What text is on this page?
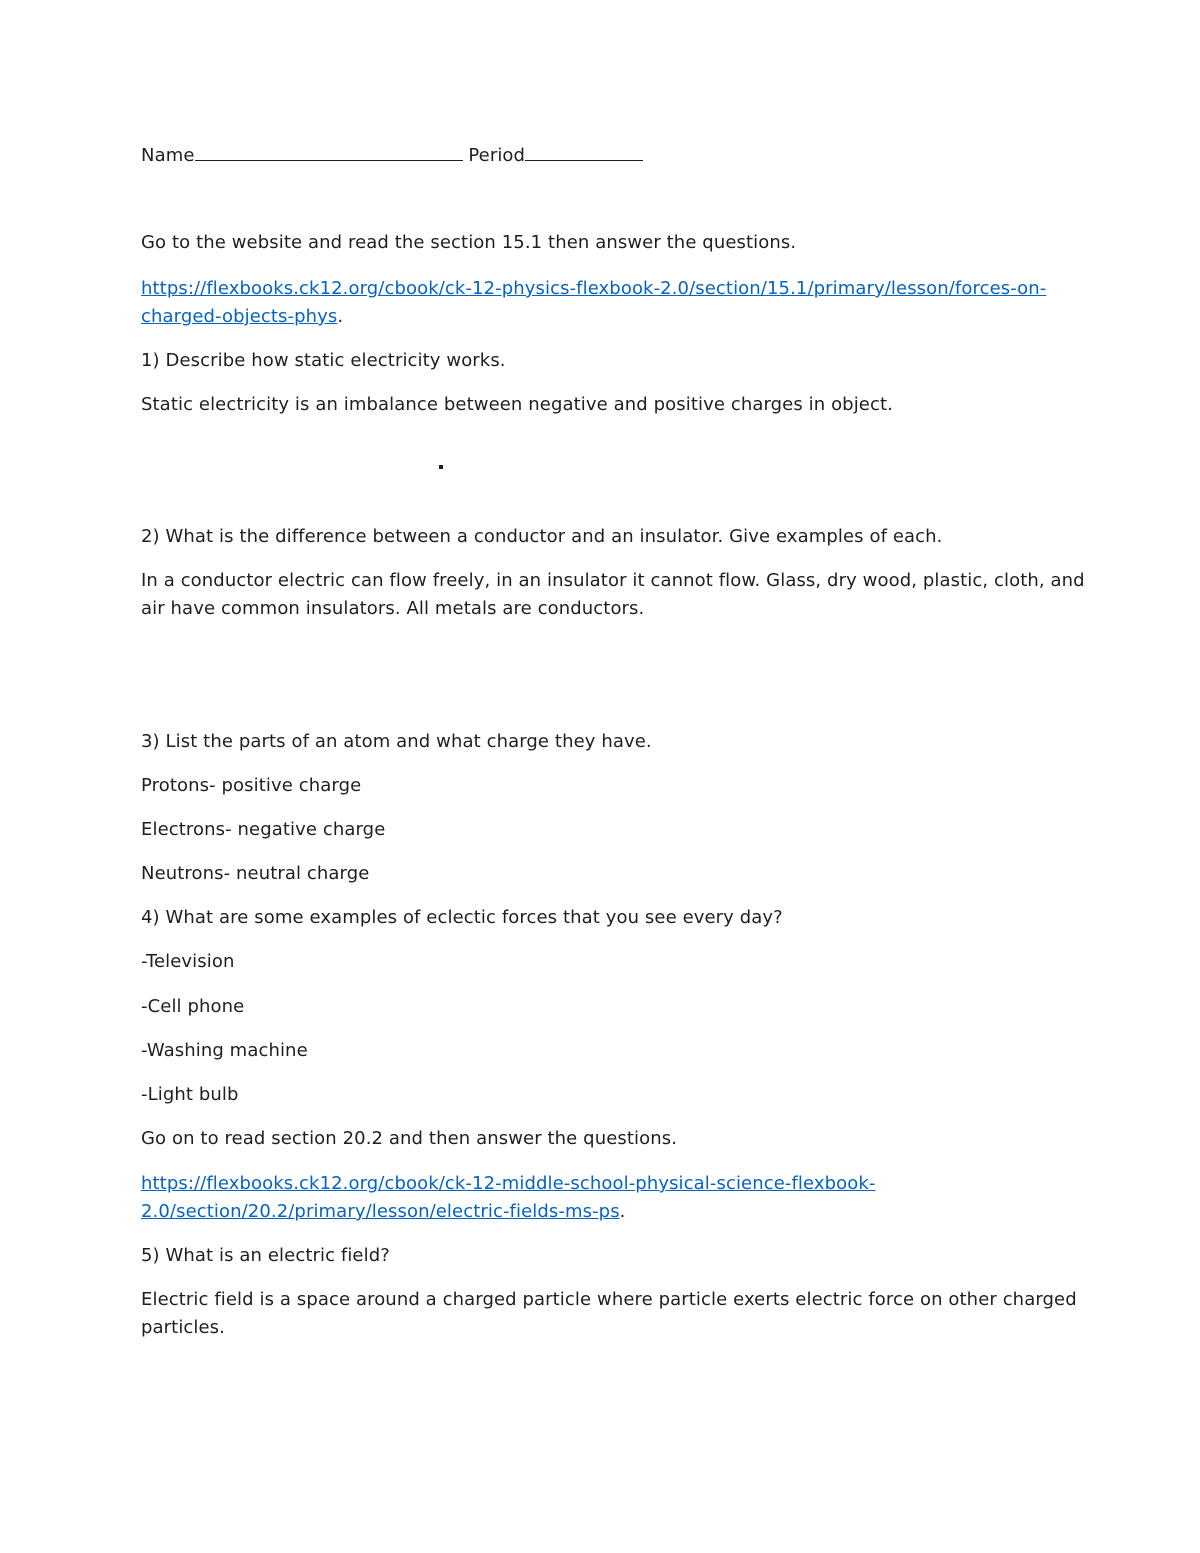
Name	Period
Go to the website and read the section 15.1 then answer the questions.
https://flexbooks.ck12.org/cbook/ck-12-physics-flexbook-2.0/section/15.1/primary/lesson/forces-on-
charged-objects-phys.
1) Describe how static electricity works.
Static electricity is an imbalance between negative and positive charges in object.
2) What is the difference between a conductor and an insulator. Give examples of each.
In a conductor electric can flow freely, in an insulator it cannot flow. Glass, dry wood, plastic, cloth, and
air have common insulators. All metals are conductors.
3) List the parts of an atom and what charge they have.
Protons- positive charge
Electrons- negative charge
Neutrons- neutral charge
4) What are some examples of eclectic forces that you see every day?
-Television
-Cell phone
-Washing machine
-Light bulb
Go on to read section 20.2 and then answer the questions.
https://flexbooks.ck12.org/cbook/ck-12-middle-school-physical-science-flexbook-
2.0/section/20.2/primary/lesson/electric-fields-ms-ps.
5) What is an electric field?
Electric field is a space around a charged particle where particle exerts electric force on other charged
particles.
